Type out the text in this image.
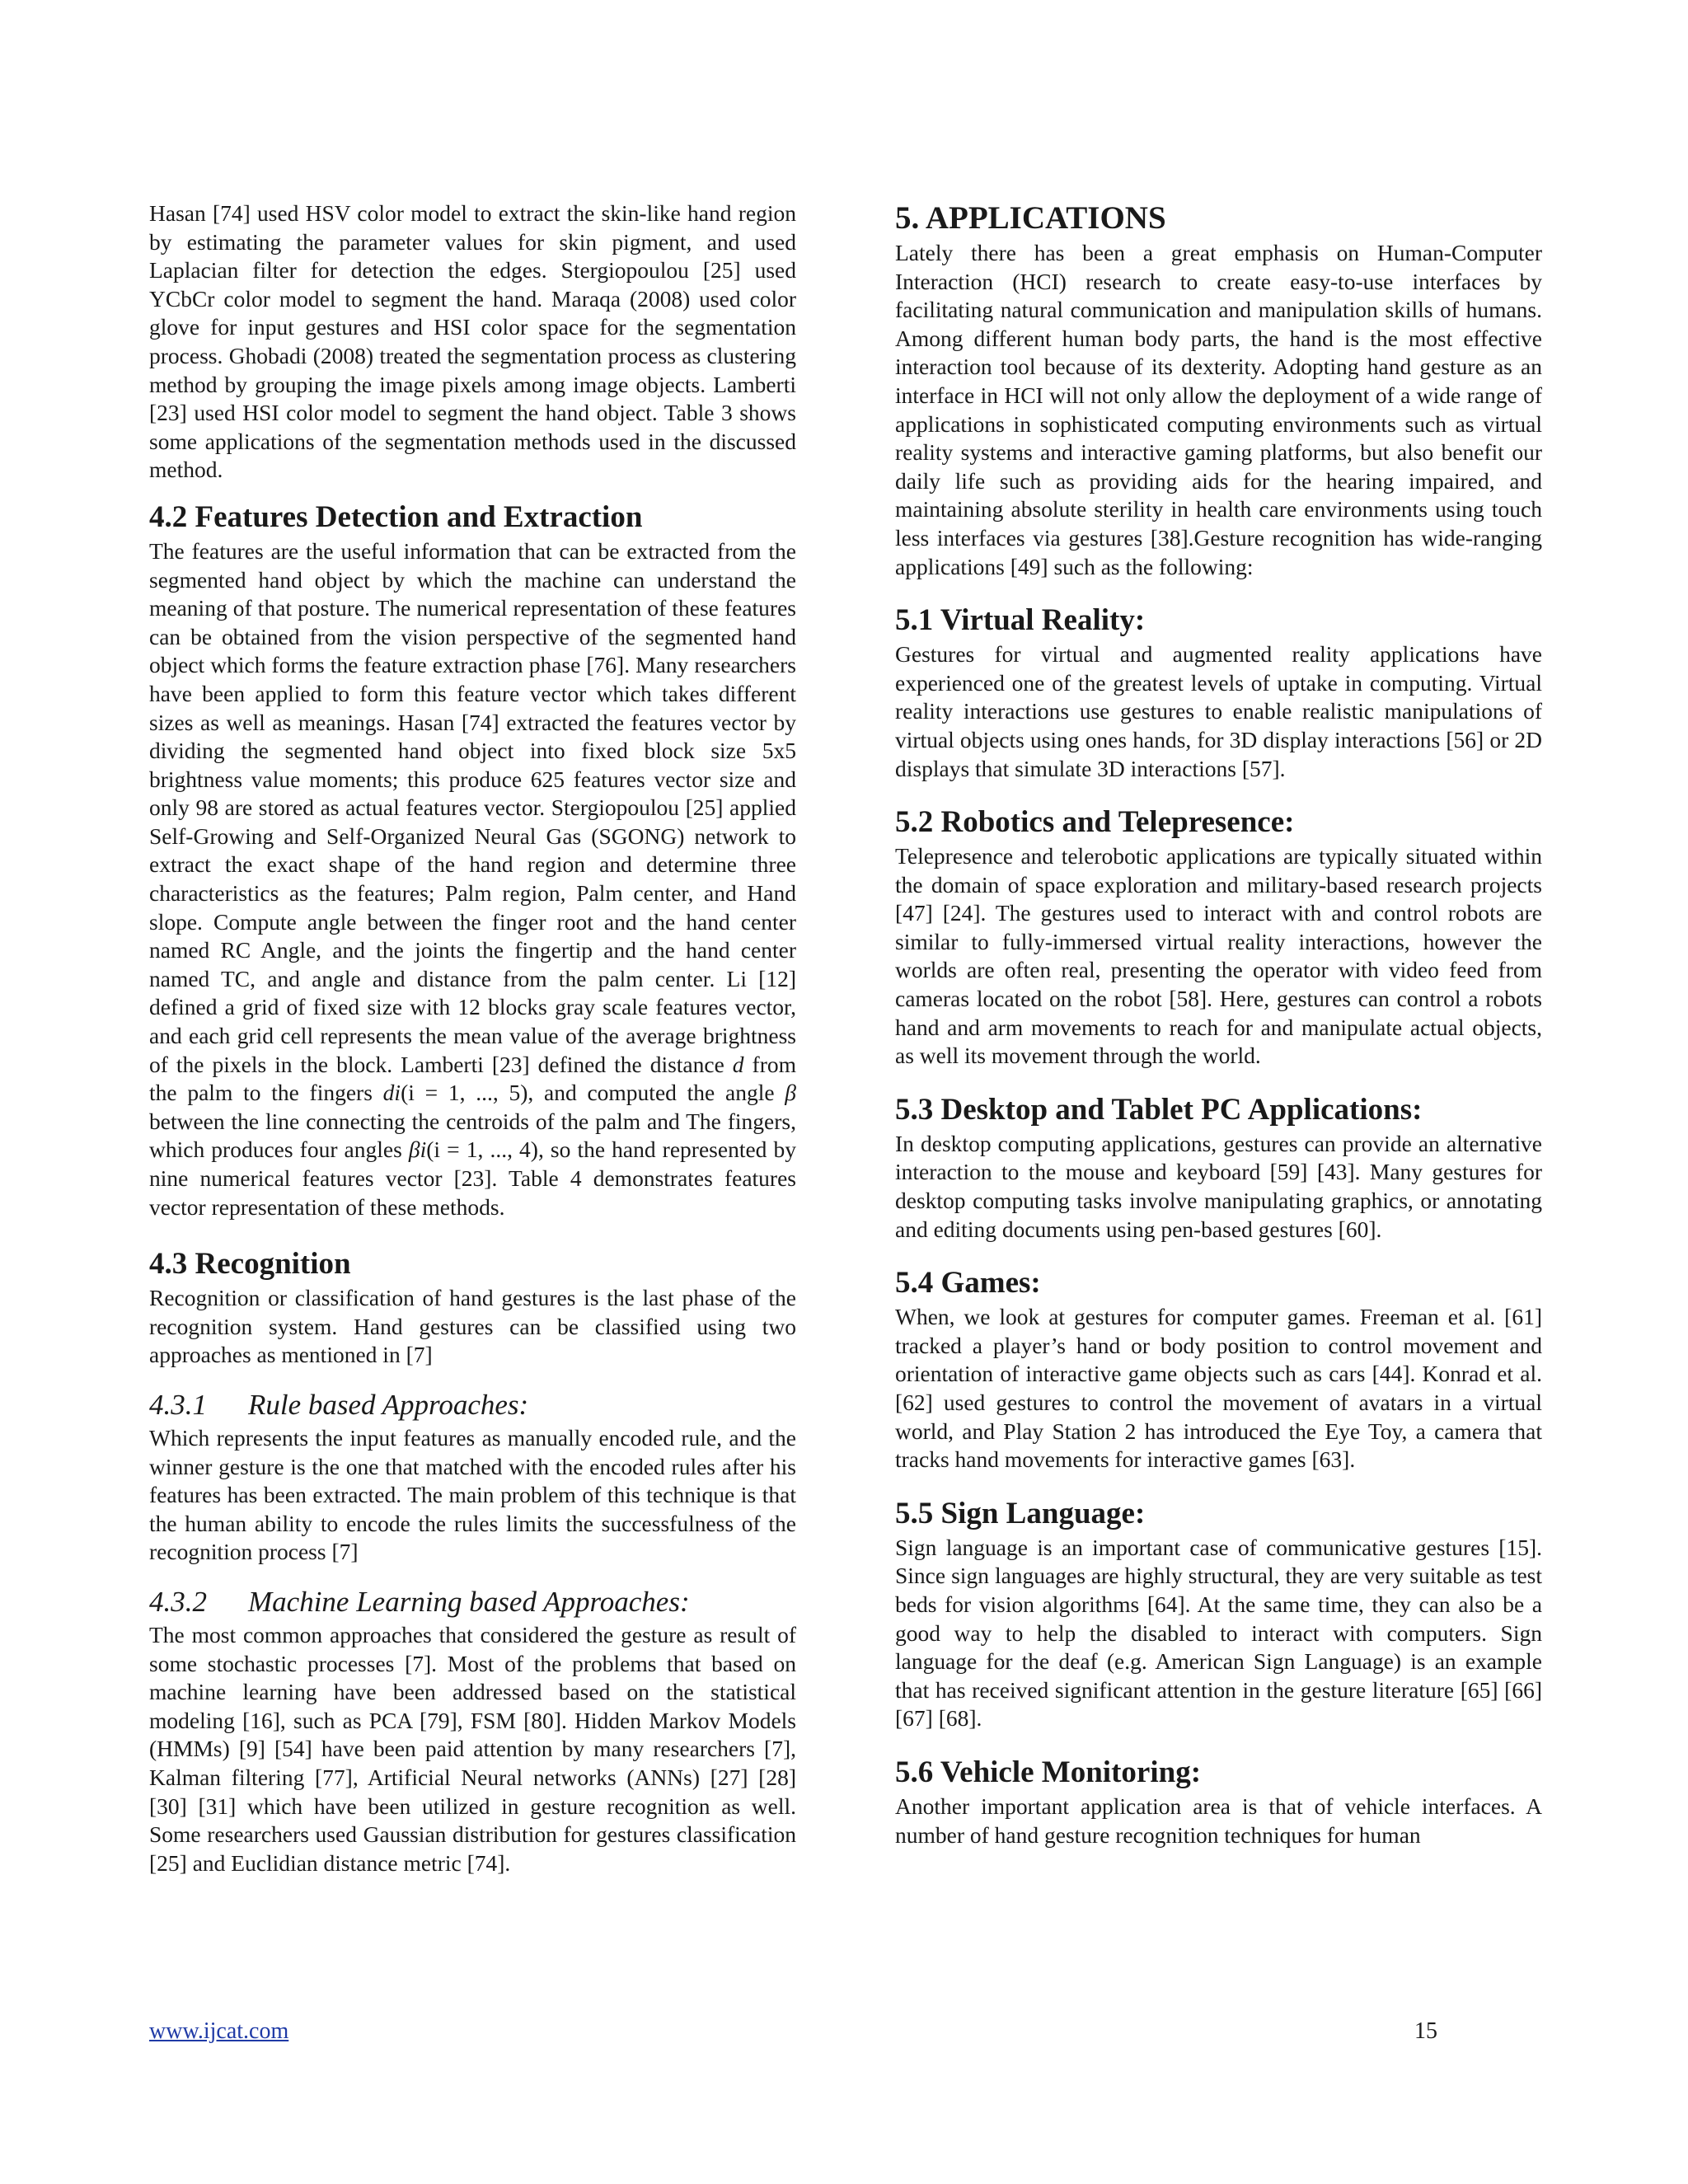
Hasan [74] used HSV color model to extract the skin-like hand region by estimating the parameter values for skin pigment, and used Laplacian filter for detection the edges. Stergiopoulou [25] used YCbCr color model to segment the hand. Maraqa (2008) used color glove for input gestures and HSI color space for the segmentation process. Ghobadi (2008) treated the segmentation process as clustering method by grouping the image pixels among image objects. Lamberti [23] used HSI color model to segment the hand object. Table 3 shows some applications of the segmentation methods used in the discussed method.

4.2 Features Detection and Extraction

The features are the useful information that can be extracted from the segmented hand object by which the machine can understand the meaning of that posture. The numerical representation of these features can be obtained from the vision perspective of the segmented hand object which forms the feature extraction phase [76]. Many researchers have been applied to form this feature vector which takes different sizes as well as meanings. Hasan [74] extracted the features vector by dividing the segmented hand object into fixed block size 5x5 brightness value moments; this produce 625 features vector size and only 98 are stored as actual features vector. Stergiopoulou [25] applied Self-Growing and Self-Organized Neural Gas (SGONG) network to extract the exact shape of the hand region and determine three characteristics as the features; Palm region, Palm center, and Hand slope. Compute angle between the finger root and the hand center named RC Angle, and the joints the fingertip and the hand center named TC, and angle and distance from the palm center. Li [12] defined a grid of fixed size with 12 blocks gray scale features vector, and each grid cell represents the mean value of the average brightness of the pixels in the block. Lamberti [23] defined the distance d from the palm to the fingers di(i = 1, ..., 5), and computed the angle β between the line connecting the centroids of the palm and The fingers, which produces four angles βi(i = 1, ..., 4), so the hand represented by nine numerical features vector [23]. Table 4 demonstrates features vector representation of these methods.

4.3 Recognition

Recognition or classification of hand gestures is the last phase of the recognition system. Hand gestures can be classified using two approaches as mentioned in [7]

4.3.1 Rule based Approaches:

Which represents the input features as manually encoded rule, and the winner gesture is the one that matched with the encoded rules after his features has been extracted. The main problem of this technique is that the human ability to encode the rules limits the successfulness of the recognition process [7]

4.3.2 Machine Learning based Approaches:

The most common approaches that considered the gesture as result of some stochastic processes [7]. Most of the problems that based on machine learning have been addressed based on the statistical modeling [16], such as PCA [79], FSM [80]. Hidden Markov Models (HMMs) [9] [54] have been paid attention by many researchers [7], Kalman filtering [77], Artificial Neural networks (ANNs) [27] [28] [30] [31] which have been utilized in gesture recognition as well. Some researchers used Gaussian distribution for gestures classification [25] and Euclidian distance metric [74].

5. APPLICATIONS

Lately there has been a great emphasis on Human-Computer Interaction (HCI) research to create easy-to-use interfaces by facilitating natural communication and manipulation skills of humans. Among different human body parts, the hand is the most effective interaction tool because of its dexterity. Adopting hand gesture as an interface in HCI will not only allow the deployment of a wide range of applications in sophisticated computing environments such as virtual reality systems and interactive gaming platforms, but also benefit our daily life such as providing aids for the hearing impaired, and maintaining absolute sterility in health care environments using touch less interfaces via gestures [38].Gesture recognition has wide-ranging applications [49] such as the following:

5.1 Virtual Reality:

Gestures for virtual and augmented reality applications have experienced one of the greatest levels of uptake in computing. Virtual reality interactions use gestures to enable realistic manipulations of virtual objects using ones hands, for 3D display interactions [56] or 2D displays that simulate 3D interactions [57].

5.2 Robotics and Telepresence:

Telepresence and telerobotic applications are typically situated within the domain of space exploration and military-based research projects [47] [24]. The gestures used to interact with and control robots are similar to fully-immersed virtual reality interactions, however the worlds are often real, presenting the operator with video feed from cameras located on the robot [58]. Here, gestures can control a robots hand and arm movements to reach for and manipulate actual objects, as well its movement through the world.

5.3 Desktop and Tablet PC Applications:

In desktop computing applications, gestures can provide an alternative interaction to the mouse and keyboard [59] [43]. Many gestures for desktop computing tasks involve manipulating graphics, or annotating and editing documents using pen-based gestures [60].

5.4 Games:

When, we look at gestures for computer games. Freeman et al. [61] tracked a player’s hand or body position to control movement and orientation of interactive game objects such as cars [44]. Konrad et al. [62] used gestures to control the movement of avatars in a virtual world, and Play Station 2 has introduced the Eye Toy, a camera that tracks hand movements for interactive games [63].

5.5 Sign Language:

Sign language is an important case of communicative gestures [15]. Since sign languages are highly structural, they are very suitable as test beds for vision algorithms [64]. At the same time, they can also be a good way to help the disabled to interact with computers. Sign language for the deaf (e.g. American Sign Language) is an example that has received significant attention in the gesture literature [65] [66] [67] [68].

5.6 Vehicle Monitoring:

Another important application area is that of vehicle interfaces. A number of hand gesture recognition techniques for human

www.ijcat.com	15
